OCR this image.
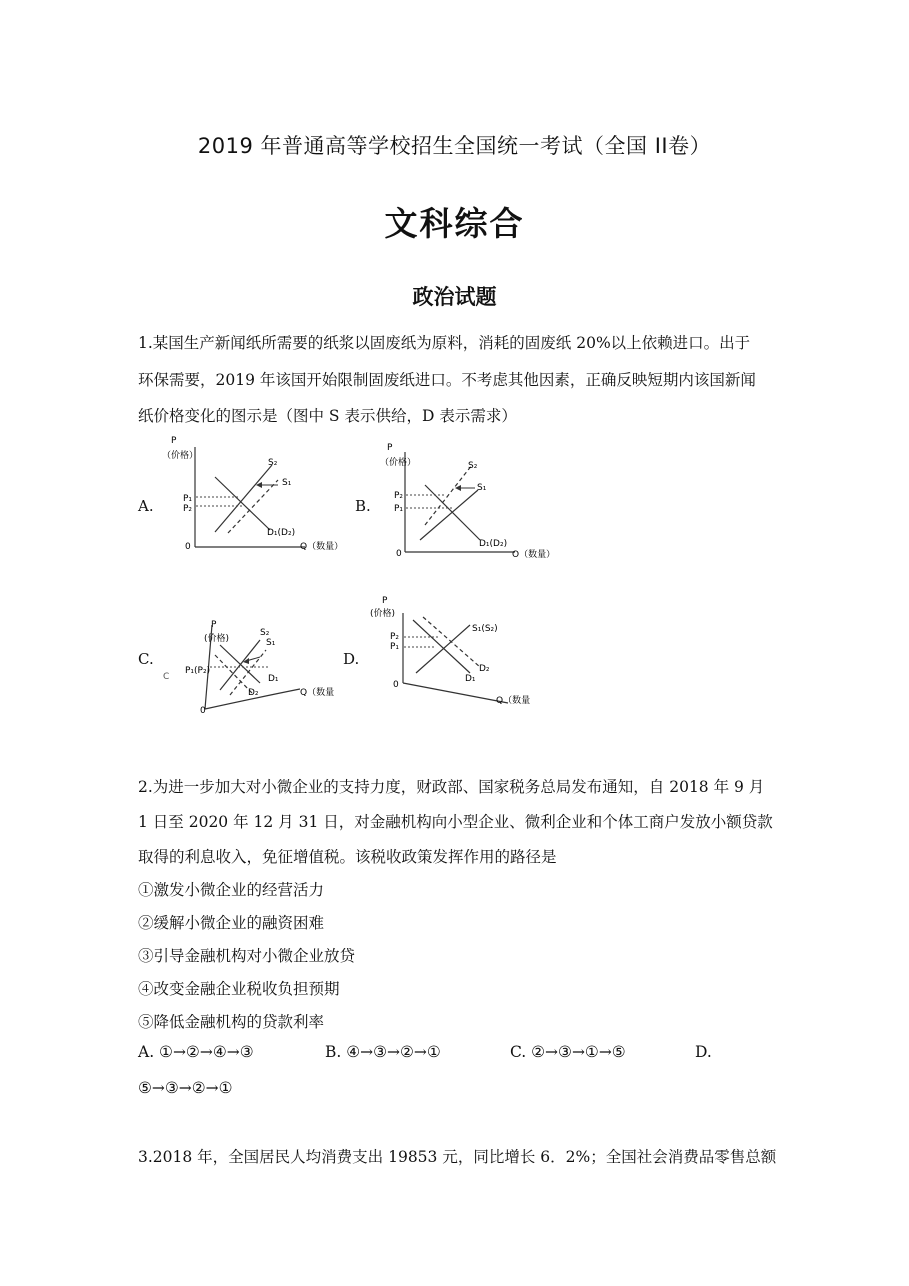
2019 年普通高等学校招生全国统一考试（全国 II卷）
文科综合
政治试题
1.某国生产新闻纸所需要的纸浆以固废纸为原料，消耗的固废纸 20%以上依赖进口。出于
环保需要，2019 年该国开始限制固废纸进口。不考虑其他因素，正确反映短期内该国新闻
纸价格变化的图示是（图中 S 表示供给，D 表示需求）
A.	B.
C.	D.
P
（价格）
P₁
P₂
S₂
S₁
D₁(D₂)
0	Q（数量）
P
（价格）
P₂
P₁
S₂
S₁
D₁(D₂)
0	O（数量）
P
(价格)
P₁(P₂)
S₂
S₁
D₁
D₂
0
Q（数量
C
P
(价格)
P₂
P₁
S₁(S₂)
D₂
D₁
0
Q（数量
2.为进一步加大对小微企业的支持力度，财政部、国家税务总局发布通知，自 2018 年 9 月
1 日至 2020 年 12 月 31 日，对金融机构向小型企业、微利企业和个体工商户发放小额贷款
取得的利息收入，免征增值税。该税收政策发挥作用的路径是
①激发小微企业的经营活力
②缓解小微企业的融资困难
③引导金融机构对小微企业放贷
④改变金融企业税收负担预期
⑤降低金融机构的贷款利率
A. ①→②→④→③	B. ④→③→②→①	C. ②→③→①→⑤	D.
⑤→③→②→①
3.2018 年，全国居民人均消费支出 19853 元，同比增长 6．2%；全国社会消费品零售总额
